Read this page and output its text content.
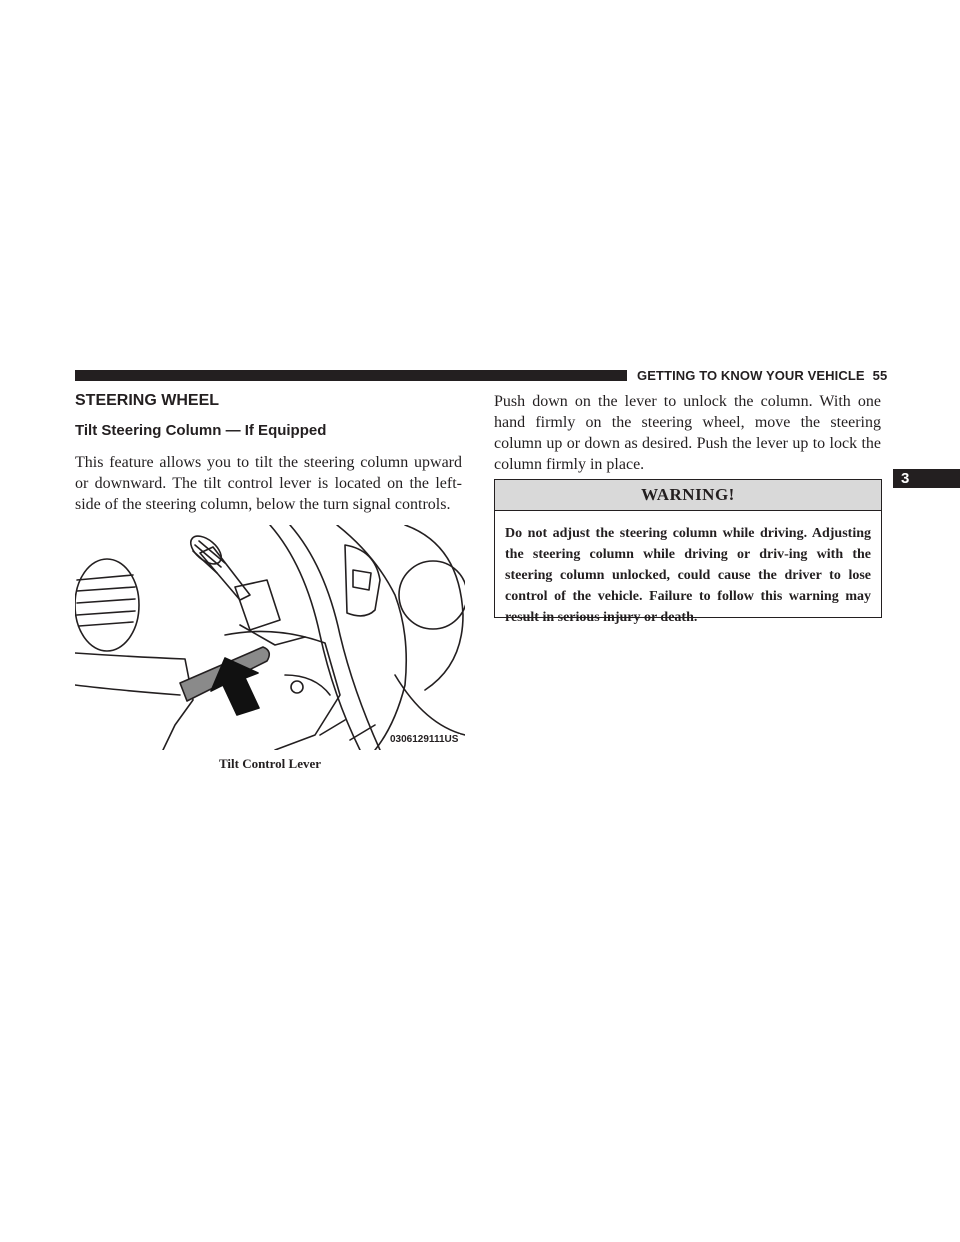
GETTING TO KNOW YOUR VEHICLE 55
3
STEERING WHEEL
Tilt Steering Column — If Equipped

This feature allows you to tilt the steering column upward or downward. The tilt control lever is located on the left-side of the steering column, below the turn signal controls.

0306129111US
Tilt Control Lever

Push down on the lever to unlock the column. With one hand firmly on the steering wheel, move the steering column up or down as desired. Push the lever up to lock the column firmly in place.

WARNING!

Do not adjust the steering column while driving. Adjusting the steering column while driving or driv-ing with the steering column unlocked, could cause the driver to lose control of the vehicle. Failure to follow this warning may result in serious injury or death.
